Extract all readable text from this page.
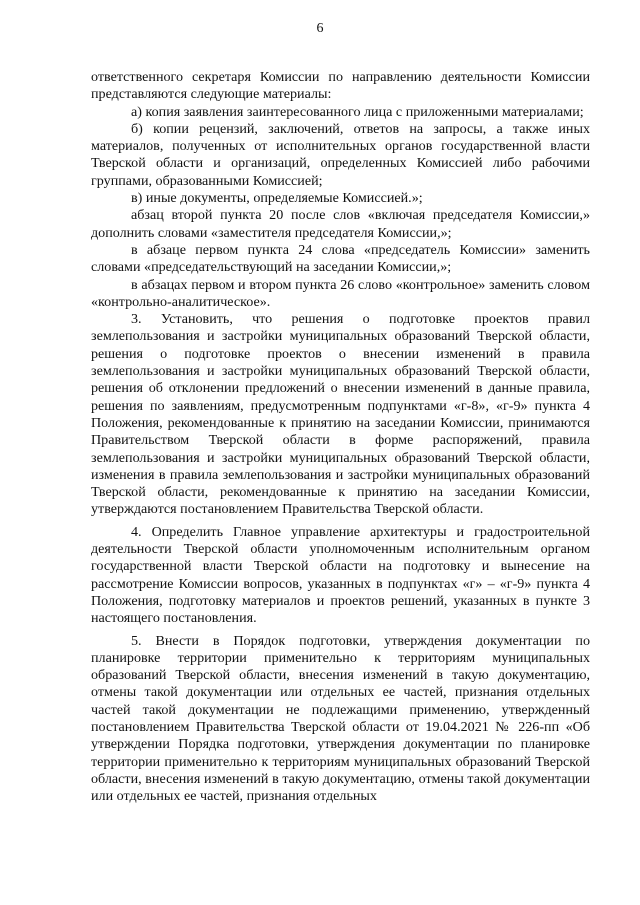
6

ответственного секретаря Комиссии по направлению деятельности Комиссии представляются следующие материалы:

а) копия заявления заинтересованного лица с приложенными материалами;

б) копии рецензий, заключений, ответов на запросы, а также иных материалов, полученных от исполнительных органов государственной власти Тверской области и организаций, определенных Комиссией либо рабочими группами, образованными Комиссией;

в) иные документы, определяемые Комиссией.»;

абзац второй пункта 20 после слов «включая председателя Комиссии,» дополнить словами «заместителя председателя Комиссии,»;

в абзаце первом пункта 24 слова «председатель Комиссии» заменить словами «председательствующий на заседании Комиссии,»;

в абзацах первом и втором пункта 26 слово «контрольное» заменить словом «контрольно-аналитическое».

3. Установить, что решения о подготовке проектов правил землепользования и застройки муниципальных образований Тверской области, решения о подготовке проектов о внесении изменений в правила землепользования и застройки муниципальных образований Тверской области, решения об отклонении предложений о внесении изменений в данные правила, решения по заявлениям, предусмотренным подпунктами «г-8», «г-9» пункта 4 Положения, рекомендованные к принятию на заседании Комиссии, принимаются Правительством Тверской области в форме распоряжений, правила землепользования и застройки муниципальных образований Тверской области, изменения в правила землепользования и застройки муниципальных образований Тверской области, рекомендованные к принятию на заседании Комиссии, утверждаются постановлением Правительства Тверской области.

4. Определить Главное управление архитектуры и градостроительной деятельности Тверской области уполномоченным исполнительным органом государственной власти Тверской области на подготовку и вынесение на рассмотрение Комиссии вопросов, указанных в подпунктах «г» – «г-9» пункта 4 Положения, подготовку материалов и проектов решений, указанных в пункте 3 настоящего постановления.

5. Внести в Порядок подготовки, утверждения документации по планировке территории применительно к территориям муниципальных образований Тверской области, внесения изменений в такую документацию, отмены такой документации или отдельных ее частей, признания отдельных частей такой документации не подлежащими применению, утвержденный постановлением Правительства Тверской области от 19.04.2021 № 226-пп «Об утверждении Порядка подготовки, утверждения документации по планировке территории применительно к территориям муниципальных образований Тверской области, внесения изменений в такую документацию, отмены такой документации или отдельных ее частей, признания отдельных
